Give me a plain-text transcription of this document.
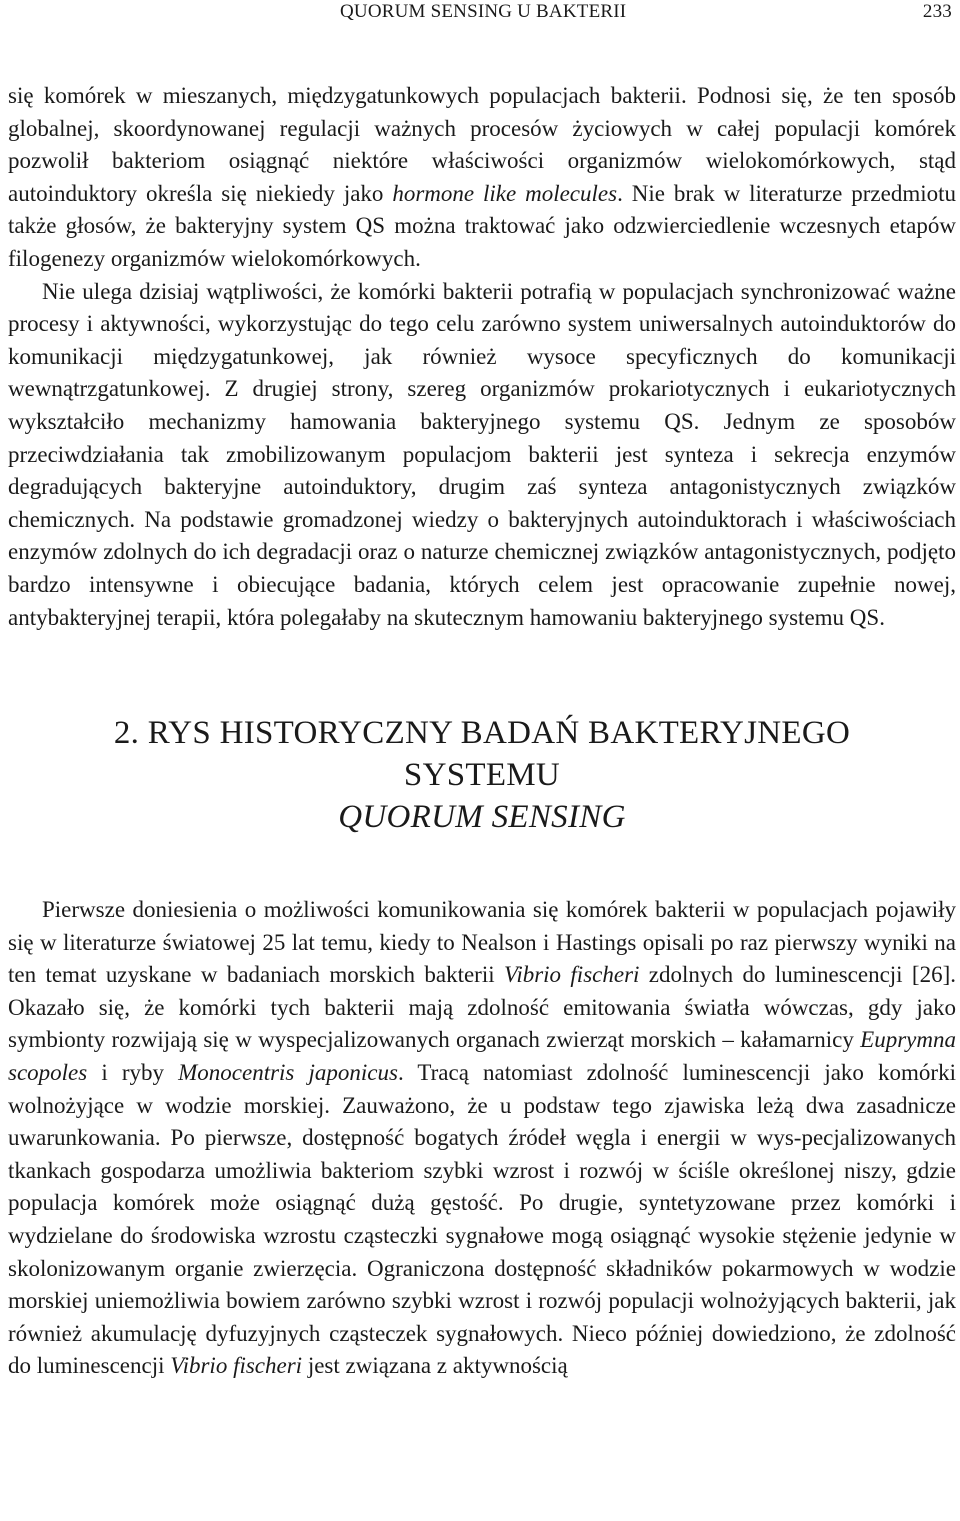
QUORUM SENSING U BAKTERII	233

się komórek w mieszanych, międzygatunkowych populacjach bakterii. Podnosi się, że ten sposób globalnej, skoordynowanej regulacji ważnych procesów życiowych w całej populacji komórek pozwolił bakteriom osiągnąć niektóre właściwości organizmów wielokomórkowych, stąd autoinduktory określa się niekiedy jako hormone like molecules. Nie brak w literaturze przedmiotu także głosów, że bakteryjny system QS można traktować jako odzwierciedlenie wczesnych etapów filogenezy organizmów wielokomórkowych.

Nie ulega dzisiaj wątpliwości, że komórki bakterii potrafią w populacjach synchronizować ważne procesy i aktywności, wykorzystując do tego celu zarówno system uniwersalnych autoinduktorów do komunikacji międzygatunkowej, jak również wysoce specyficznych do komunikacji wewnątrzgatunkowej. Z drugiej strony, szereg organizmów prokariotycznych i eukariotycznych wykształciło mechanizmy hamowania bakteryjnego systemu QS. Jednym ze sposobów przeciwdziałania tak zmobilizowanym populacjom bakterii jest synteza i sekrecja enzymów degradujących bakteryjne autoinduktory, drugim zaś synteza antagonistycznych związków chemicznych. Na podstawie gromadzonej wiedzy o bakteryjnych autoinduktorach i właściwościach enzymów zdolnych do ich degradacji oraz o naturze chemicznej związków antagonistycznych, podjęto bardzo intensywne i obiecujące badania, których celem jest opracowanie zupełnie nowej, antybakteryjnej terapii, która polegałaby na skutecznym hamowaniu bakteryjnego systemu QS.

2. RYS HISTORYCZNY BADAŃ BAKTERYJNEGO
SYSTEMU
QUORUM SENSING

Pierwsze doniesienia o możliwości komunikowania się komórek bakterii w populacjach pojawiły się w literaturze światowej 25 lat temu, kiedy to Nealson i Hastings opisali po raz pierwszy wyniki na ten temat uzyskane w badaniach morskich bakterii Vibrio fischeri zdolnych do luminescencji [26]. Okazało się, że komórki tych bakterii mają zdolność emitowania światła wówczas, gdy jako symbionty rozwijają się w wyspecjalizowanych organach zwierząt morskich – kałamarnicy Euprymna scopoles i ryby Monocentris japonicus. Tracą natomiast zdolność luminescencji jako komórki wolnożyjące w wodzie morskiej. Zauważono, że u podstaw tego zjawiska leżą dwa zasadnicze uwarunkowania. Po pierwsze, dostępność bogatych źródeł węgla i energii w wys-pecjalizowanych tkankach gospodarza umożliwia bakteriom szybki wzrost i rozwój w ściśle określonej niszy, gdzie populacja komórek może osiągnąć dużą gęstość. Po drugie, syntetyzowane przez komórki i wydzielane do środowiska wzrostu cząsteczki sygnałowe mogą osiągnąć wysokie stężenie jedynie w skolonizowanym organie zwierzęcia. Ograniczona dostępność składników pokarmowych w wodzie morskiej uniemożliwia bowiem zarówno szybki wzrost i rozwój populacji wolnożyjących bakterii, jak również akumulację dyfuzyjnych cząsteczek sygnałowych. Nieco później dowiedziono, że zdolność do luminescencji Vibrio fischeri jest związana z aktywnością
